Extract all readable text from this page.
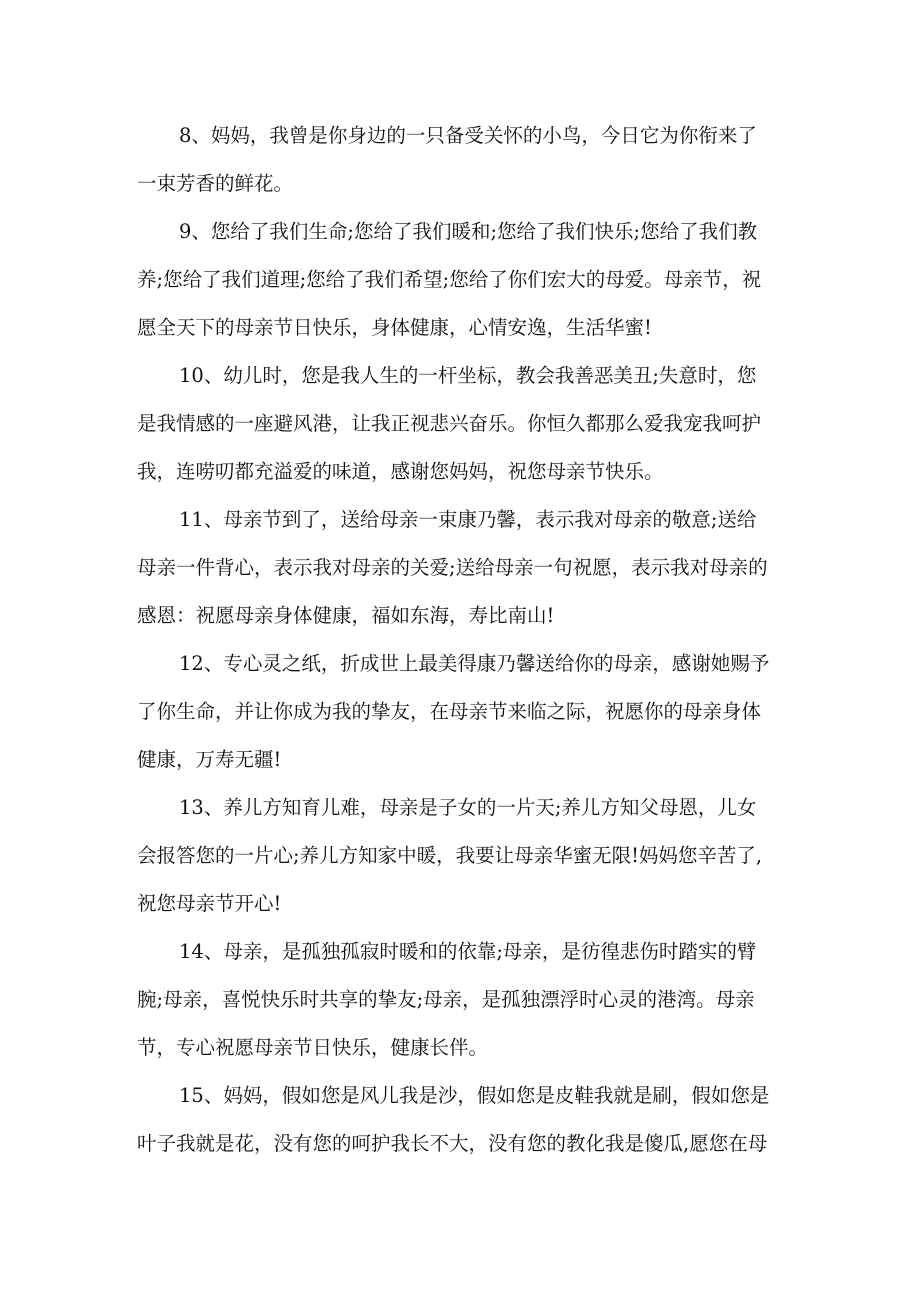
8、妈妈，我曾是你身边的一只备受关怀的小鸟，今日它为你衔来了
一束芳香的鲜花。
9、您给了我们生命;您给了我们暖和;您给了我们快乐;您给了我们教
养;您给了我们道理;您给了我们希望;您给了你们宏大的母爱。母亲节，祝
愿全天下的母亲节日快乐，身体健康，心情安逸，生活华蜜!
10、幼儿时，您是我人生的一杆坐标，教会我善恶美丑;失意时，您
是我情感的一座避风港，让我正视悲兴奋乐。你恒久都那么爱我宠我呵护
我，连唠叨都充溢爱的味道，感谢您妈妈，祝您母亲节快乐。
11、母亲节到了，送给母亲一束康乃馨，表示我对母亲的敬意;送给
母亲一件背心，表示我对母亲的关爱;送给母亲一句祝愿，表示我对母亲的
感恩：祝愿母亲身体健康，福如东海，寿比南山!
12、专心灵之纸，折成世上最美得康乃馨送给你的母亲，感谢她赐予
了你生命，并让你成为我的挚友，在母亲节来临之际，祝愿你的母亲身体
健康，万寿无疆!
13、养儿方知育儿难，母亲是子女的一片天;养儿方知父母恩，儿女
会报答您的一片心;养儿方知家中暖，我要让母亲华蜜无限!妈妈您辛苦了,
祝您母亲节开心!
14、母亲，是孤独孤寂时暖和的依靠;母亲，是彷徨悲伤时踏实的臂
腕;母亲，喜悦快乐时共享的挚友;母亲，是孤独漂浮时心灵的港湾。母亲
节，专心祝愿母亲节日快乐，健康长伴。
15、妈妈，假如您是风儿我是沙，假如您是皮鞋我就是刷，假如您是
叶子我就是花，没有您的呵护我长不大，没有您的教化我是傻瓜,愿您在母
